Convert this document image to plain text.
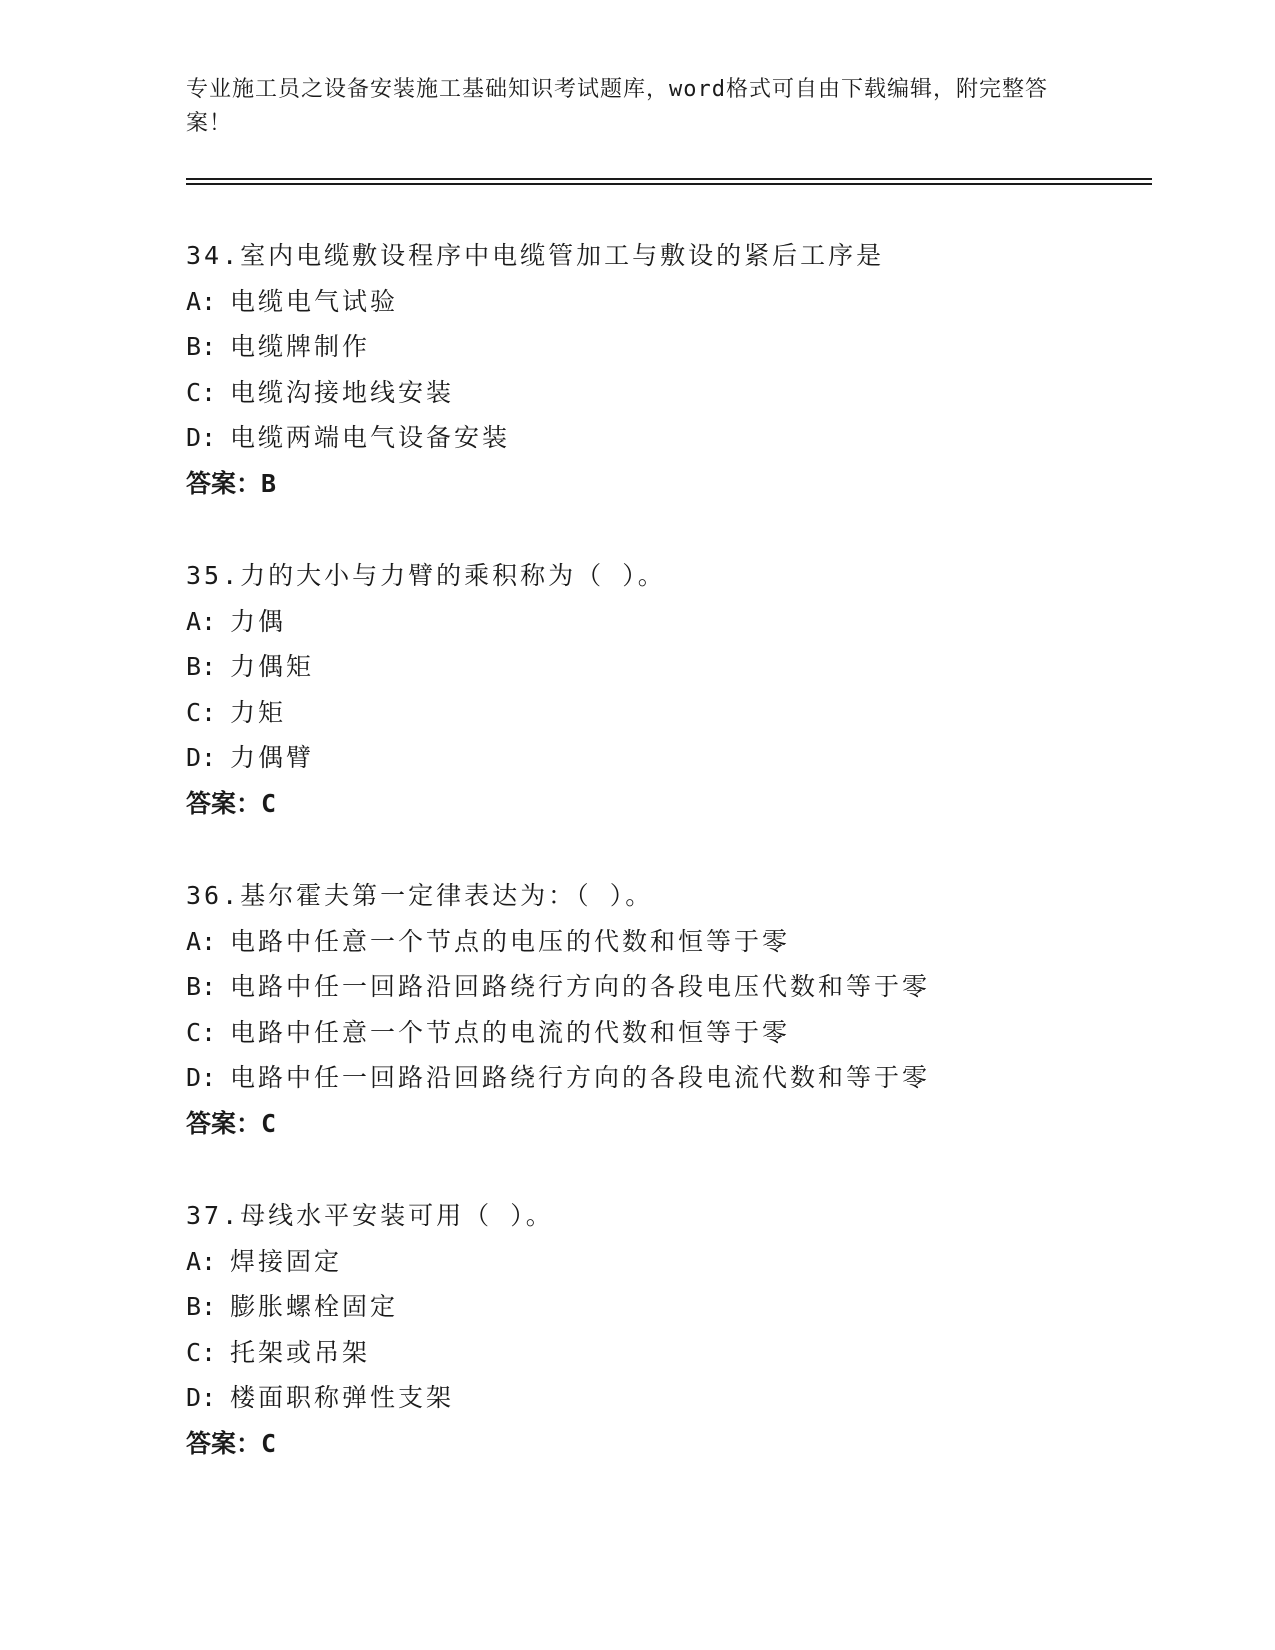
专业施工员之设备安装施工基础知识考试题库，word格式可自由下载编辑，附完整答案！
34.室内电缆敷设程序中电缆管加工与敷设的紧后工序是
A: 电缆电气试验
B: 电缆牌制作
C: 电缆沟接地线安装
D: 电缆两端电气设备安装
答案：B
35.力的大小与力臂的乘积称为（ ）。
A: 力偶
B: 力偶矩
C: 力矩
D: 力偶臂
答案：C
36.基尔霍夫第一定律表达为：（ ）。
A: 电路中任意一个节点的电压的代数和恒等于零
B: 电路中任一回路沿回路绕行方向的各段电压代数和等于零
C: 电路中任意一个节点的电流的代数和恒等于零
D: 电路中任一回路沿回路绕行方向的各段电流代数和等于零
答案：C
37.母线水平安装可用（ ）。
A: 焊接固定
B: 膨胀螺栓固定
C: 托架或吊架
D: 楼面职称弹性支架
答案：C
